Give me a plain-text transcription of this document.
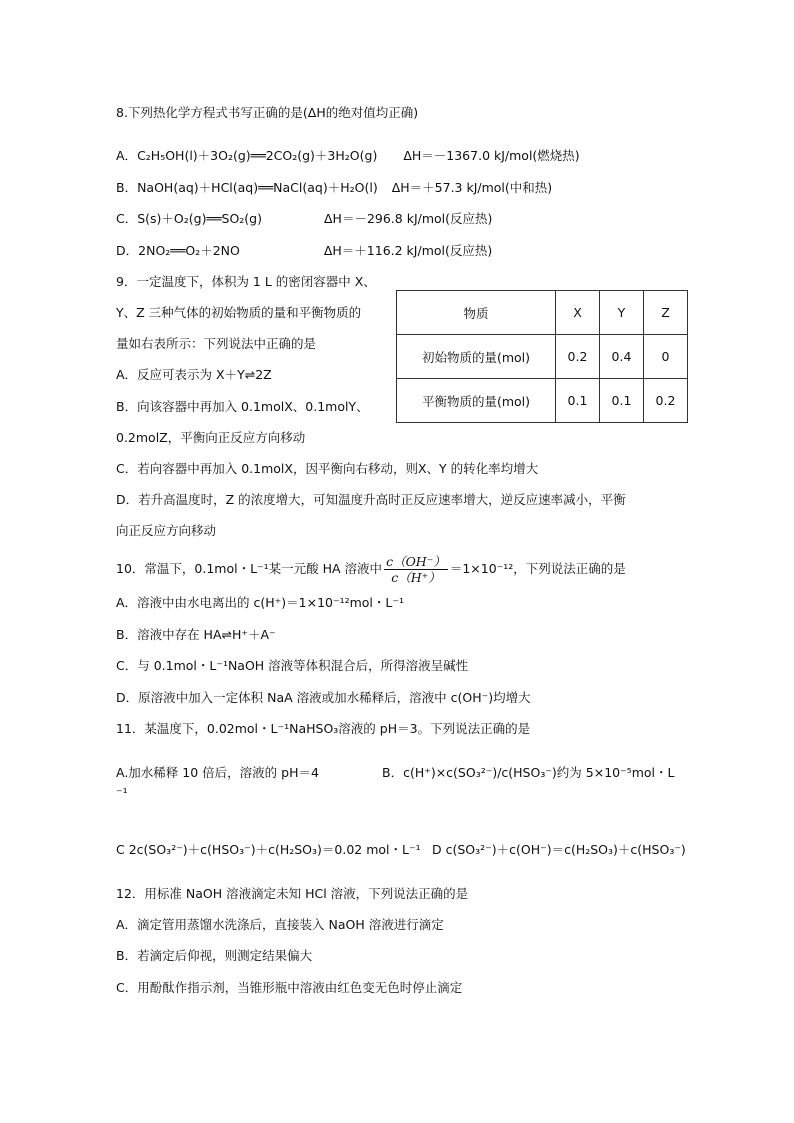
8.下列热化学方程式书写正确的是(ΔH的绝对值均正确)
A．C₂H₅OH(l)＋3O₂(g)══2CO₂(g)＋3H₂O(g) ΔH＝－1367.0 kJ/mol(燃烧热)
B．NaOH(aq)＋HCl(aq)══NaCl(aq)＋H₂O(l) ΔH＝＋57.3 kJ/mol(中和热)
C．S(s)＋O₂(g)══SO₂(g)	ΔH＝－296.8 kJ/mol(反应热)
D．2NO₂══O₂＋2NO	ΔH＝＋116.2 kJ/mol(反应热)
9．一定温度下，体积为 1 L 的密闭容器中 X、
Y、Z 三种气体的初始物质的量和平衡物质的
量如右表所示：下列说法中正确的是
A．反应可表示为 X＋Y⇌2Z
B．向该容器中再加入 0.1molX、0.1molY、
0.2molZ，平衡向正反应方向移动
C．若向容器中再加入 0.1molX，因平衡向右移动，则X、Y 的转化率均增大
D．若升高温度时，Z 的浓度增大，可知温度升高时正反应速率增大，逆反应速率减小，平衡
向正反应方向移动
物质	X	Y	Z
初始物质的量(mol)	0.2	0.4	0
平衡物质的量(mol)	0.1	0.1	0.2
10．常温下，0.1mol・L⁻¹某一元酸 HA 溶液中 $\frac{c(OH^-)}{c(H^+)} =1\times 10^{-12}$，下列说法正确的是
A．溶液中由水电离出的 c(H⁺)＝1×10⁻¹²mol・L⁻¹
B．溶液中存在 HA⇌H⁺＋A⁻
C．与 0.1mol・L⁻¹NaOH 溶液等体积混合后，所得溶液呈碱性
D．原溶液中加入一定体积 NaA 溶液或加水稀释后，溶液中 c(OH⁻)均增大
11．某温度下，0.02mol・L⁻¹NaHSO₃溶液的 pH＝3。下列说法正确的是
A.加水稀释 10 倍后，溶液的 pH＝4	B．c(H⁺)×c(SO₃²⁻)/c(HSO₃⁻)约为 5×10⁻⁵mol・L
⁻¹
C 2c(SO₃²⁻)＋c(HSO₃⁻)＋c(H₂SO₃)＝0.02 mol・L⁻¹ D c(SO₃²⁻)＋c(OH⁻)＝c(H₂SO₃)＋c(HSO₃⁻)
12．用标准 NaOH 溶液滴定未知 HCl 溶液，下列说法正确的是
A．滴定管用蒸馏水洗涤后，直接装入 NaOH 溶液进行滴定
B．若滴定后仰视，则测定结果偏大
C．用酚酞作指示剂，当锥形瓶中溶液由红色变无色时停止滴定
